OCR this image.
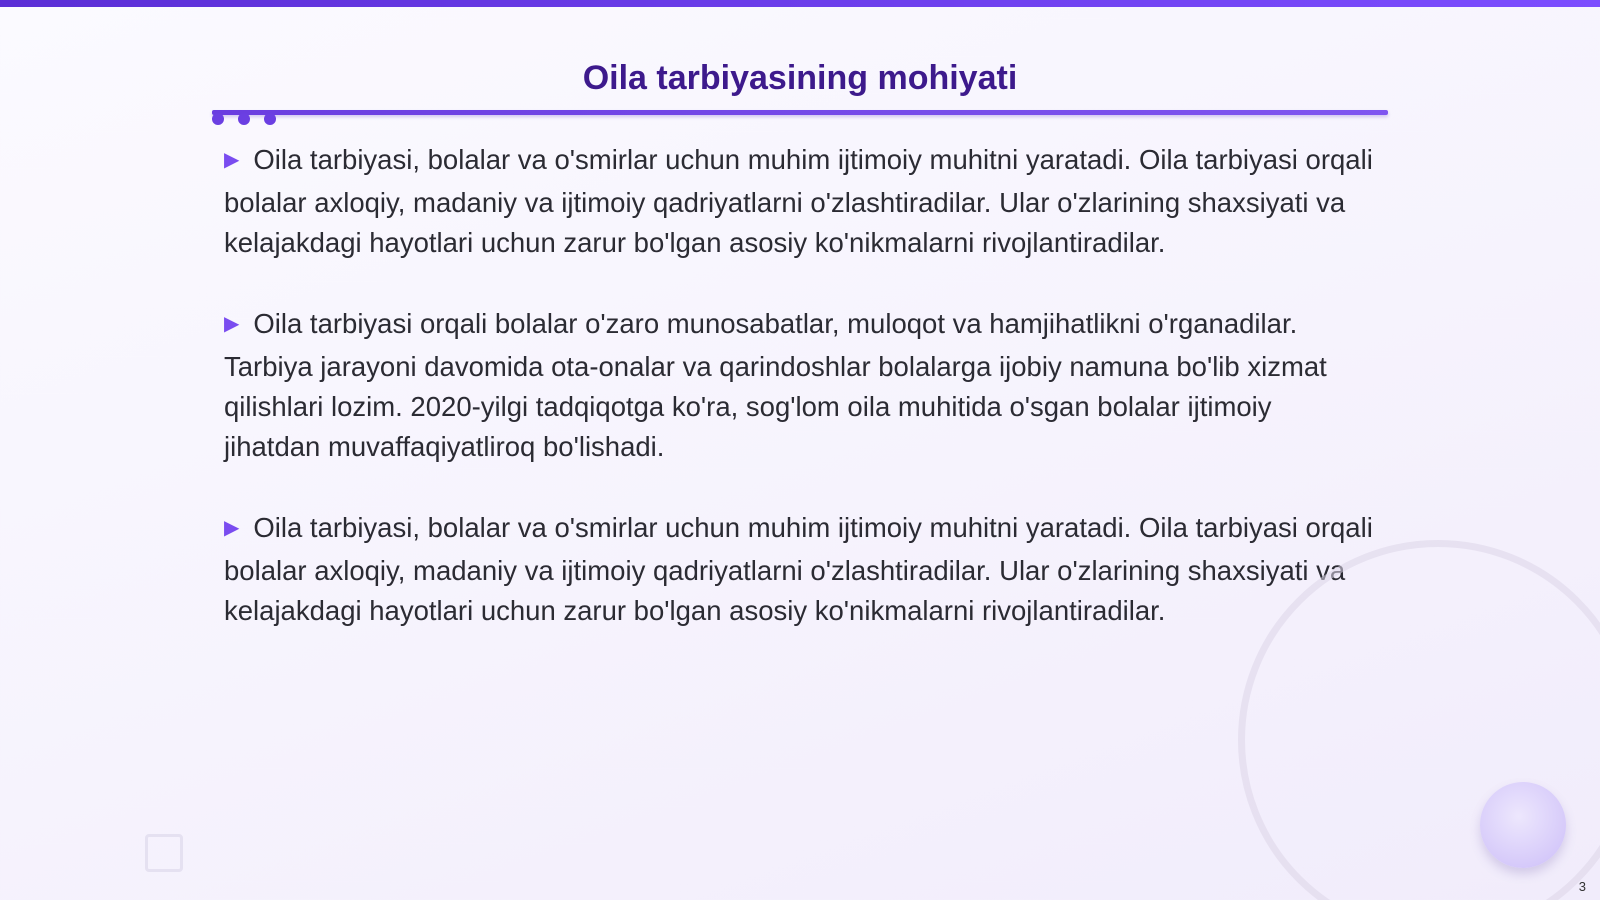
Oila tarbiyasining mohiyati

▶ Oila tarbiyasi, bolalar va o'smirlar uchun muhim ijtimoiy muhitni yaratadi. Oila tarbiyasi orqali bolalar axloqiy, madaniy va ijtimoiy qadriyatlarni o'zlashtiradilar. Ular o'zlarining shaxsiyati va kelajakdagi hayotlari uchun zarur bo'lgan asosiy ko'nikmalarni rivojlantiradilar.

▶ Oila tarbiyasi orqali bolalar o'zaro munosabatlar, muloqot va hamjihatlikni o'rganadilar. Tarbiya jarayoni davomida ota-onalar va qarindoshlar bolalarga ijobiy namuna bo'lib xizmat qilishlari lozim. 2020-yilgi tadqiqotga ko'ra, sog'lom oila muhitida o'sgan bolalar ijtimoiy jihatdan muvaffaqiyatliroq bo'lishadi.

▶ Oila tarbiyasi, bolalar va o'smirlar uchun muhim ijtimoiy muhitni yaratadi. Oila tarbiyasi orqali bolalar axloqiy, madaniy va ijtimoiy qadriyatlarni o'zlashtiradilar. Ular o'zlarining shaxsiyati va kelajakdagi hayotlari uchun zarur bo'lgan asosiy ko'nikmalarni rivojlantiradilar.

3
